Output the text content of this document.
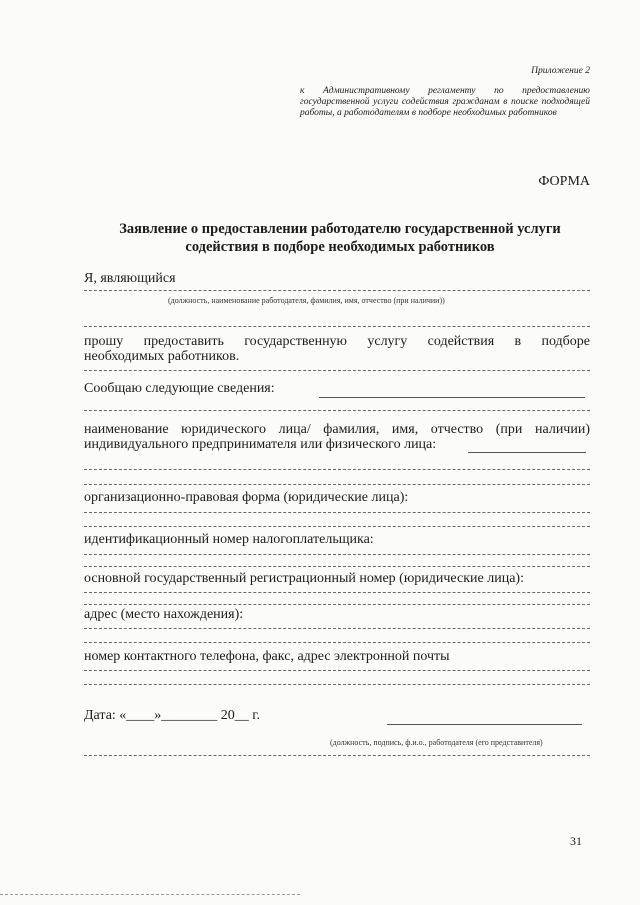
Приложение 2
к Административному регламенту по предоставлению государственной услуги содействия гражданам в поиске подходящей работы, а работодателям в подборе необходимых работников
ФОРМА
Заявление о предоставлении работодателю государственной услуги
содействия в подборе необходимых работников
Я, являющийся
(должность, наименование работодателя, фамилия, имя, отчество (при наличии))
прошу предоставить государственную услугу содействия в подборе
необходимых работников.
Сообщаю следующие сведения:
наименование юридического лица/ фамилия, имя, отчество (при наличии)
индивидуального предпринимателя или физического лица:
организационно-правовая форма (юридические лица):
идентификационный номер налогоплательщика:
основной государственный регистрационный номер (юридические лица):
адрес (место нахождения):
номер контактного телефона, факс, адрес электронной почты
Дата: «____»________ 20__ г.
(должность, подпись, ф.и.о., работодателя (его представителя)
31
